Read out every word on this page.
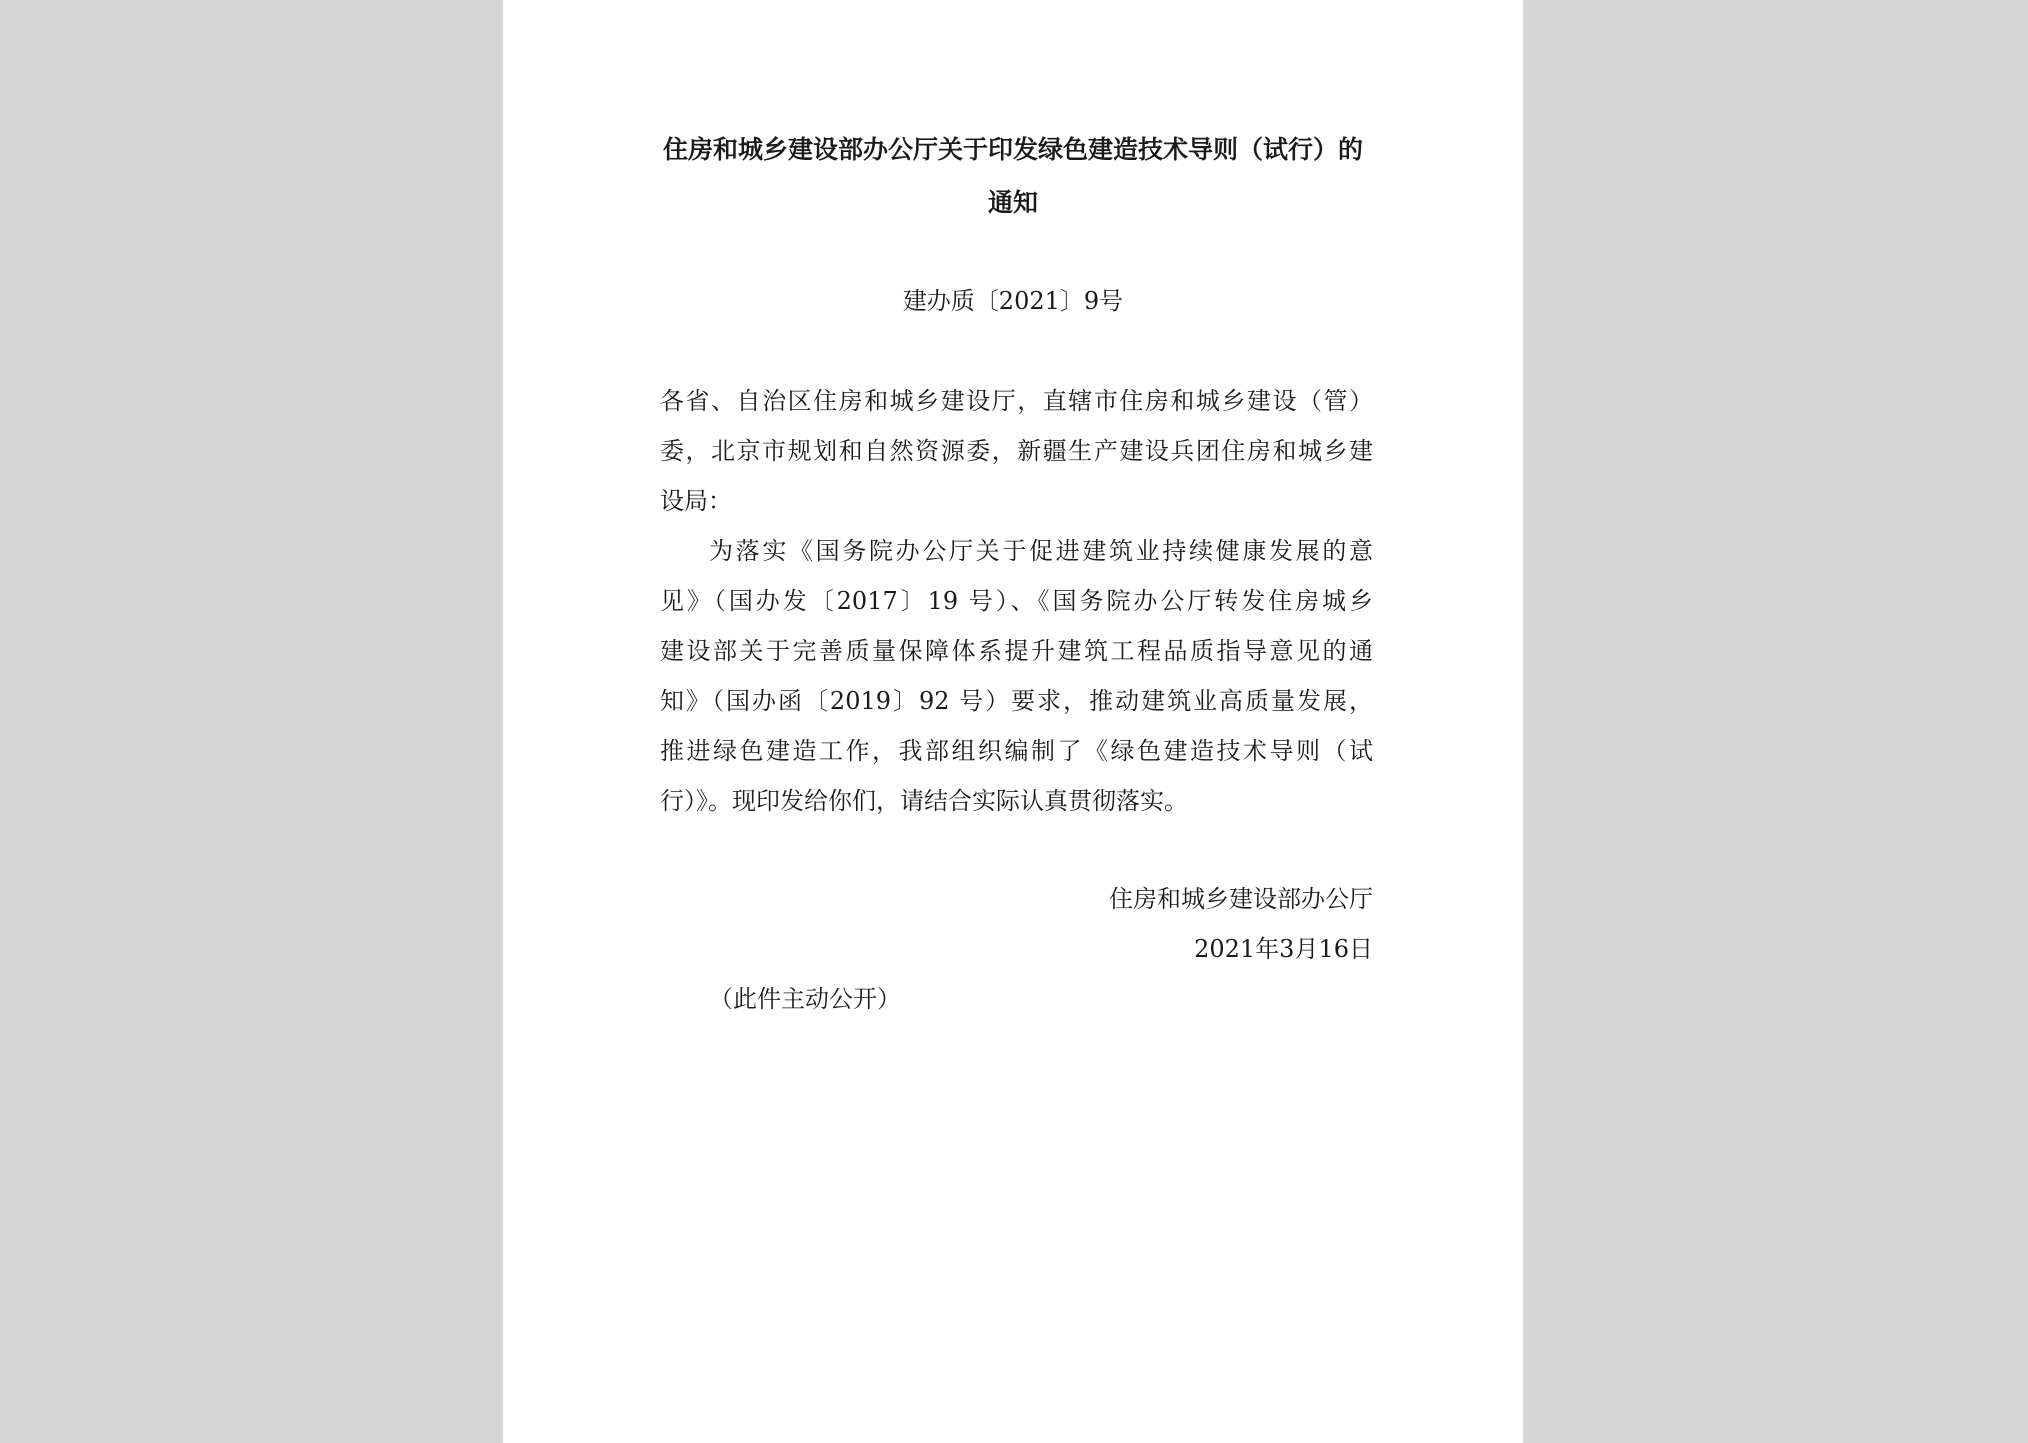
住房和城乡建设部办公厅关于印发绿色建造技术导则（试行）的
通知
建办质〔2021〕9号
各省、自治区住房和城乡建设厅，直辖市住房和城乡建设（管）
委，北京市规划和自然资源委，新疆生产建设兵团住房和城乡建
设局：
为落实《国务院办公厅关于促进建筑业持续健康发展的意
见》（国办发〔2017〕19 号）、《国务院办公厅转发住房城乡
建设部关于完善质量保障体系提升建筑工程品质指导意见的通
知》（国办函〔2019〕92 号）要求，推动建筑业高质量发展，
推进绿色建造工作，我部组织编制了《绿色建造技术导则（试
行）》。现印发给你们，请结合实际认真贯彻落实。
住房和城乡建设部办公厅
2021年3月16日
（此件主动公开）
